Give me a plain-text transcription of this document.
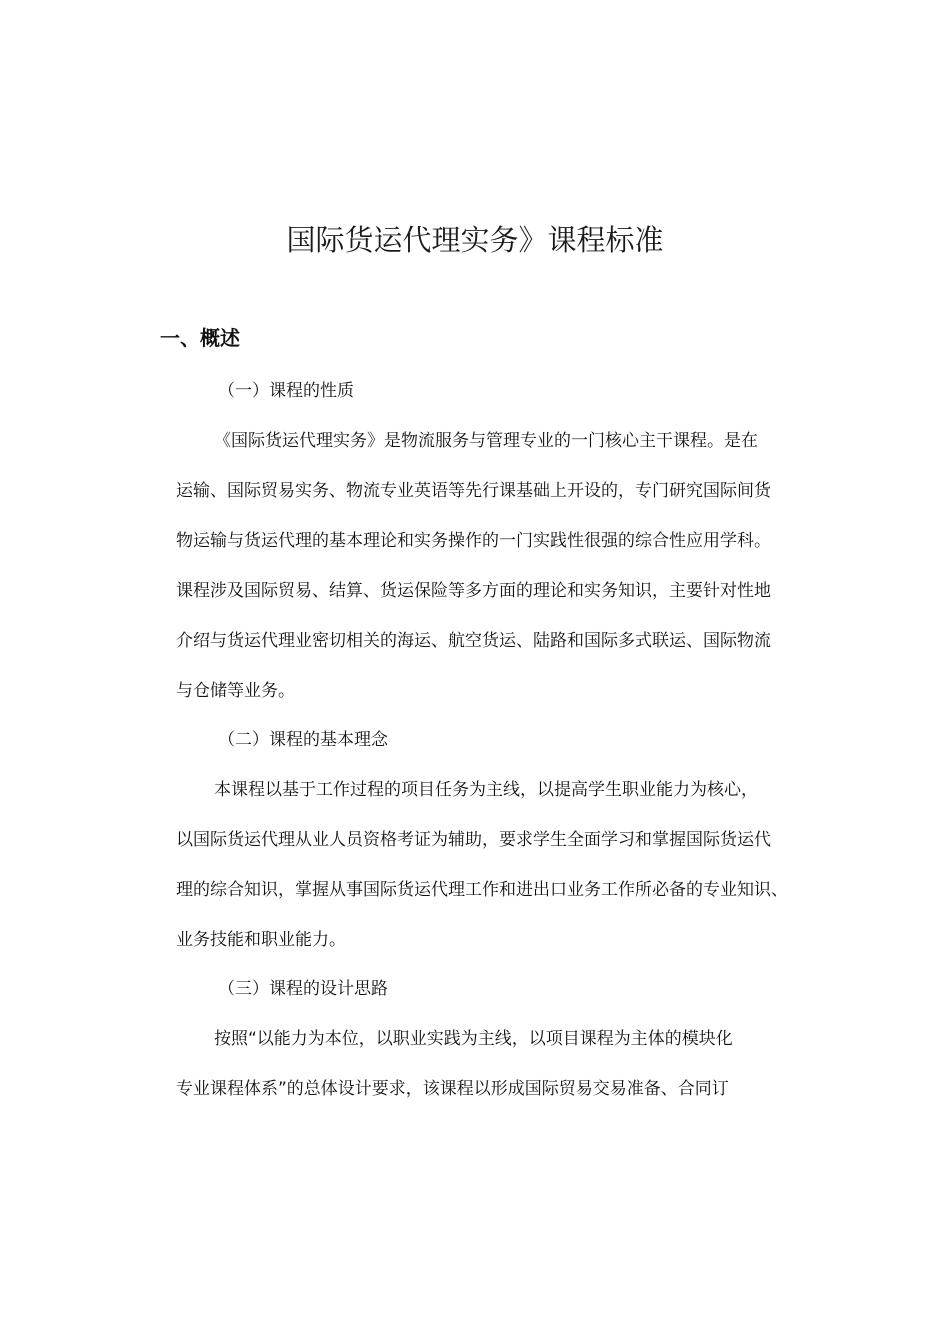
国际货运代理实务》课程标准
一、概述
（一）课程的性质
《国际货运代理实务》是物流服务与管理专业的一门核心主干课程。是在
运输、国际贸易实务、物流专业英语等先行课基础上开设的，专门研究国际间货
物运输与货运代理的基本理论和实务操作的一门实践性很强的综合性应用学科。
课程涉及国际贸易、结算、货运保险等多方面的理论和实务知识，主要针对性地
介绍与货运代理业密切相关的海运、航空货运、陆路和国际多式联运、国际物流
与仓储等业务。
（二）课程的基本理念
本课程以基于工作过程的项目任务为主线，以提高学生职业能力为核心，
以国际货运代理从业人员资格考证为辅助，要求学生全面学习和掌握国际货运代
理的综合知识，掌握从事国际货运代理工作和进出口业务工作所必备的专业知识、
业务技能和职业能力。
（三）课程的设计思路
按照“以能力为本位，以职业实践为主线，以项目课程为主体的模块化
专业课程体系”的总体设计要求，该课程以形成国际贸易交易准备、合同订
